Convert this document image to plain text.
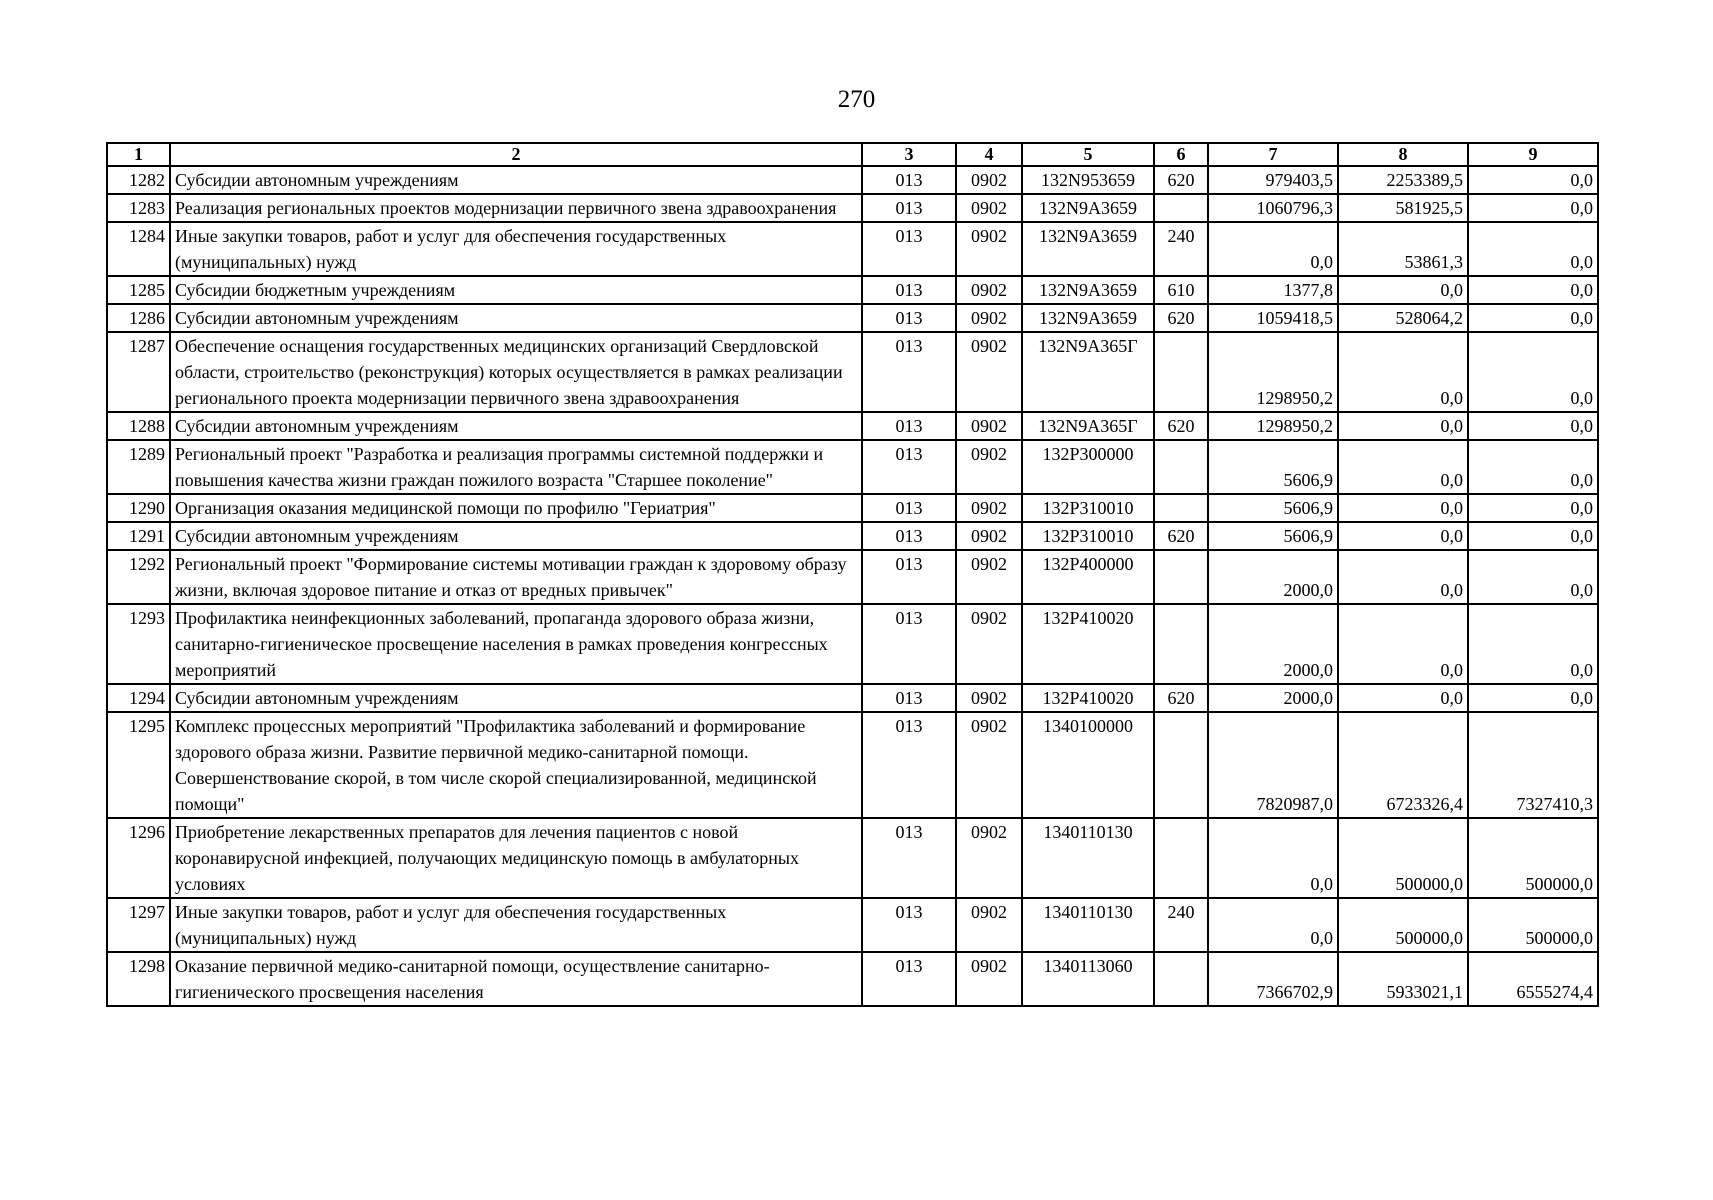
270
1	2	3	4	5	6	7	8	9
1282	Субсидии автономным учреждениям	013	0902	132N953659	620	979403,5	2253389,5	0,0
1283	Реализация региональных проектов модернизации первичного звена здравоохранения	013	0902	132N9A3659		1060796,3	581925,5	0,0
1284	Иные закупки товаров, работ и услуг для обеспечения государственных (муниципальных) нужд	013	0902	132N9A3659	240	0,0	53861,3	0,0
1285	Субсидии бюджетным учреждениям	013	0902	132N9A3659	610	1377,8	0,0	0,0
1286	Субсидии автономным учреждениям	013	0902	132N9A3659	620	1059418,5	528064,2	0,0
1287	Обеспечение оснащения государственных медицинских организаций Свердловской области, строительство (реконструкция) которых осуществляется в рамках реализации регионального проекта модернизации первичного звена здравоохранения	013	0902	132N9A365Г		1298950,2	0,0	0,0
1288	Субсидии автономным учреждениям	013	0902	132N9A365Г	620	1298950,2	0,0	0,0
1289	Региональный проект "Разработка и реализация программы системной поддержки и повышения качества жизни граждан пожилого возраста "Старшее поколение"	013	0902	132P300000		5606,9	0,0	0,0
1290	Организация оказания медицинской помощи по профилю "Гериатрия"	013	0902	132P310010		5606,9	0,0	0,0
1291	Субсидии автономным учреждениям	013	0902	132P310010	620	5606,9	0,0	0,0
1292	Региональный проект "Формирование системы мотивации граждан к здоровому образу жизни, включая здоровое питание и отказ от вредных привычек"	013	0902	132P400000		2000,0	0,0	0,0
1293	Профилактика неинфекционных заболеваний, пропаганда здорового образа жизни, санитарно-гигиеническое просвещение населения в рамках проведения конгрессных мероприятий	013	0902	132P410020		2000,0	0,0	0,0
1294	Субсидии автономным учреждениям	013	0902	132P410020	620	2000,0	0,0	0,0
1295	Комплекс процессных мероприятий "Профилактика заболеваний и формирование здорового образа жизни. Развитие первичной медико-санитарной помощи. Совершенствование скорой, в том числе скорой специализированной, медицинской помощи"	013	0902	1340100000		7820987,0	6723326,4	7327410,3
1296	Приобретение лекарственных препаратов для лечения пациентов с новой коронавирусной инфекцией, получающих медицинскую помощь в амбулаторных условиях	013	0902	1340110130		0,0	500000,0	500000,0
1297	Иные закупки товаров, работ и услуг для обеспечения государственных (муниципальных) нужд	013	0902	1340110130	240	0,0	500000,0	500000,0
1298	Оказание первичной медико-санитарной помощи, осуществление санитарно-гигиенического просвещения населения	013	0902	1340113060		7366702,9	5933021,1	6555274,4
